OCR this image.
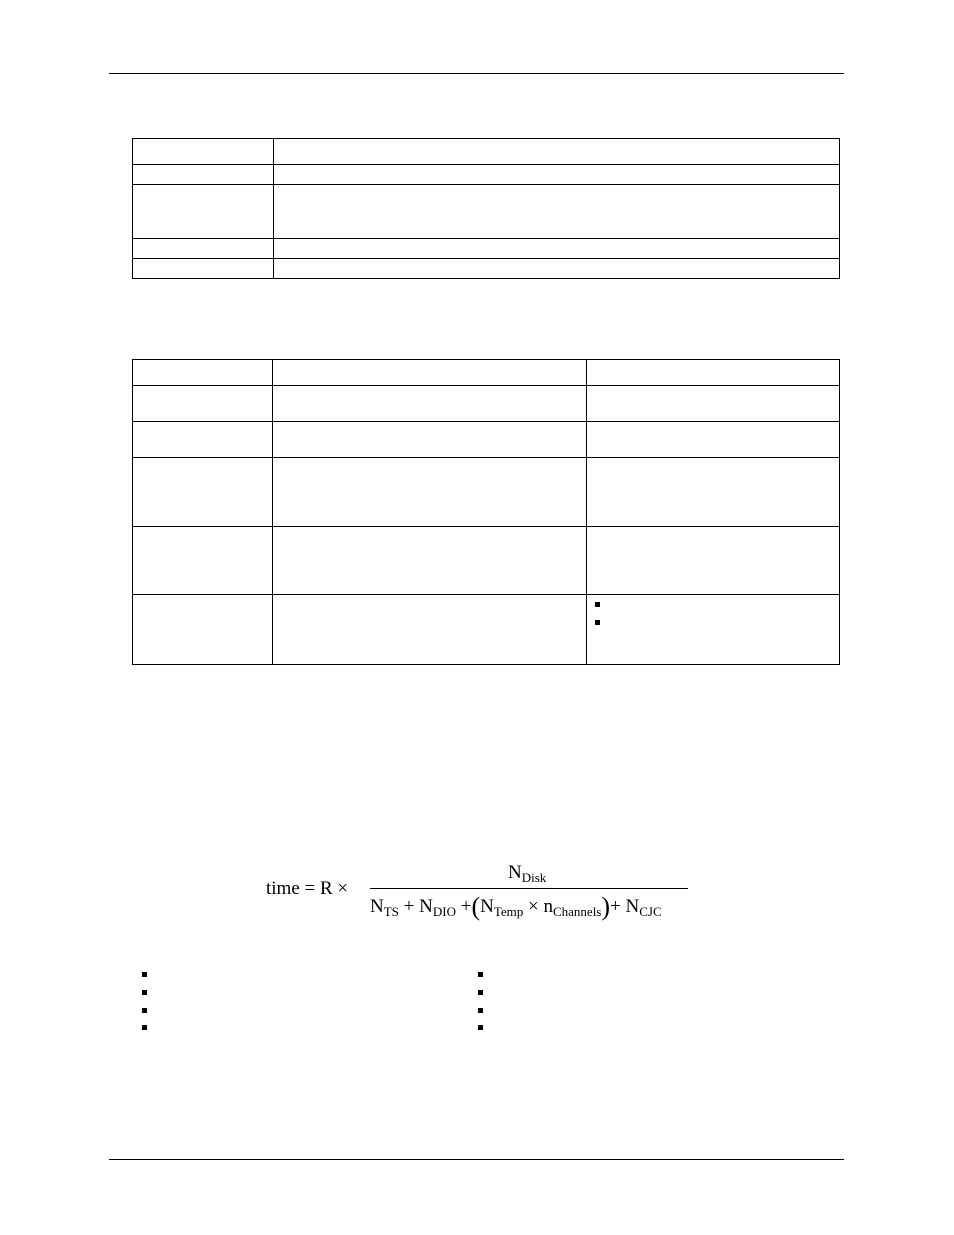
time = R ×
$N_{Disk}$
$N_{TS} + N_{DIO} +(N_{Temp} \times n_{Channels})+ N_{CJC}$
